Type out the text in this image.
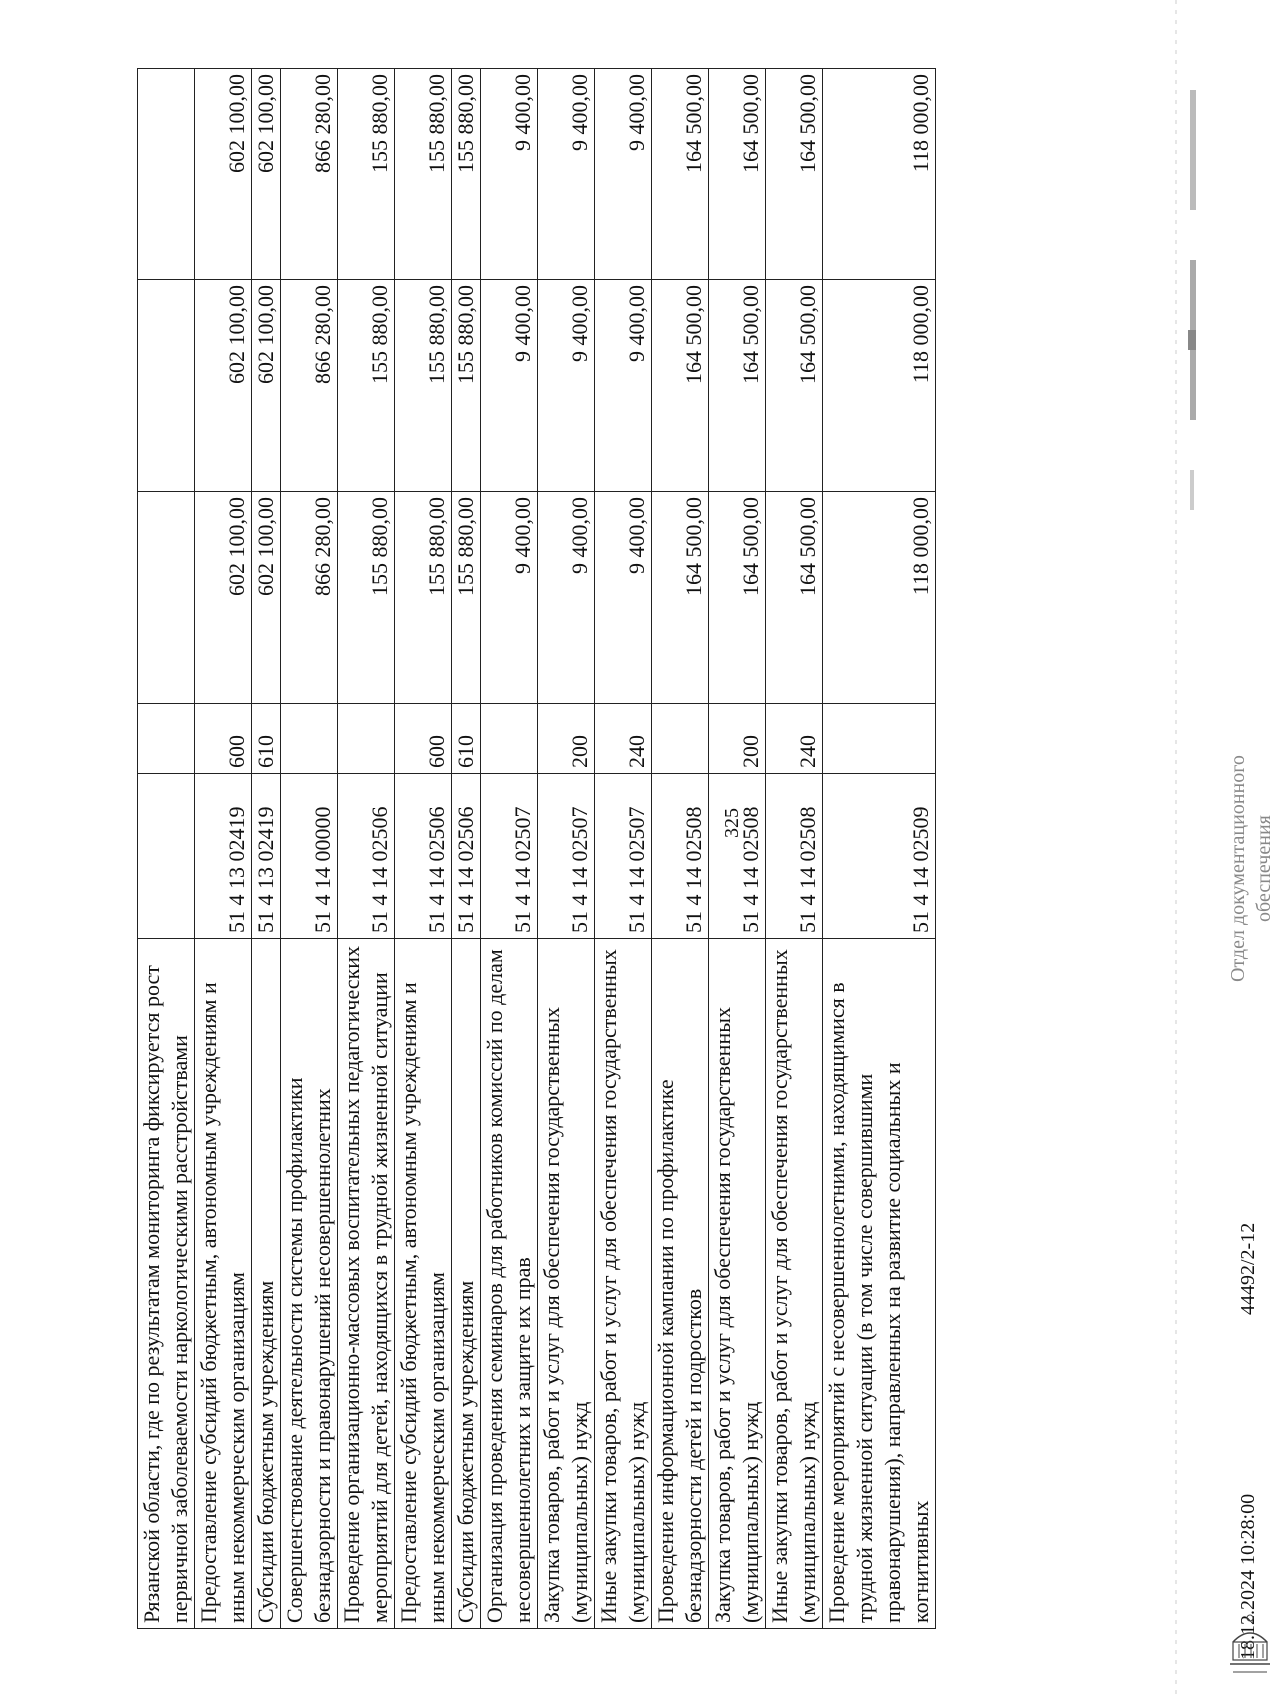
325
Рязанской области, где по результатам мониторинга фиксируется рост первичной заболеваемости наркологическими расстройствами					
Предоставление субсидий бюджетным, автономным учреждениям и иным некоммерческим организациям	51 4 13 02419	600	602 100,00	602 100,00	602 100,00
Субсидии бюджетным учреждениям	51 4 13 02419	610	602 100,00	602 100,00	602 100,00
Совершенствование деятельности системы профилактики безнадзорности и правонарушений несовершеннолетних	51 4 14 00000		866 280,00	866 280,00	866 280,00
Проведение организационно-массовых воспитательных педагогических мероприятий для детей, находящихся в трудной жизненной ситуации	51 4 14 02506		155 880,00	155 880,00	155 880,00
Предоставление субсидий бюджетным, автономным учреждениям и иным некоммерческим организациям	51 4 14 02506	600	155 880,00	155 880,00	155 880,00
Субсидии бюджетным учреждениям	51 4 14 02506	610	155 880,00	155 880,00	155 880,00
Организация проведения семинаров для работников комиссий по делам несовершеннолетних и защите их прав	51 4 14 02507		9 400,00	9 400,00	9 400,00
Закупка товаров, работ и услуг для обеспечения государственных (муниципальных) нужд	51 4 14 02507	200	9 400,00	9 400,00	9 400,00
Иные закупки товаров, работ и услуг для обеспечения государственных (муниципальных) нужд	51 4 14 02507	240	9 400,00	9 400,00	9 400,00
Проведение информационной кампании по профилактике безнадзорности детей и подростков	51 4 14 02508		164 500,00	164 500,00	164 500,00
Закупка товаров, работ и услуг для обеспечения государственных (муниципальных) нужд	51 4 14 02508	200	164 500,00	164 500,00	164 500,00
Иные закупки товаров, работ и услуг для обеспечения государственных (муниципальных) нужд	51 4 14 02508	240	164 500,00	164 500,00	164 500,00
Проведение мероприятий с несовершеннолетними, находящимися в трудной жизненной ситуации (в том числе совершившими правонарушения), направленных на развитие социальных и когнитивных	51 4 14 02509		118 000,00	118 000,00	118 000,00
18.12.2024 10:28:00
44492/2-12
Отдел документационного обеспечения
